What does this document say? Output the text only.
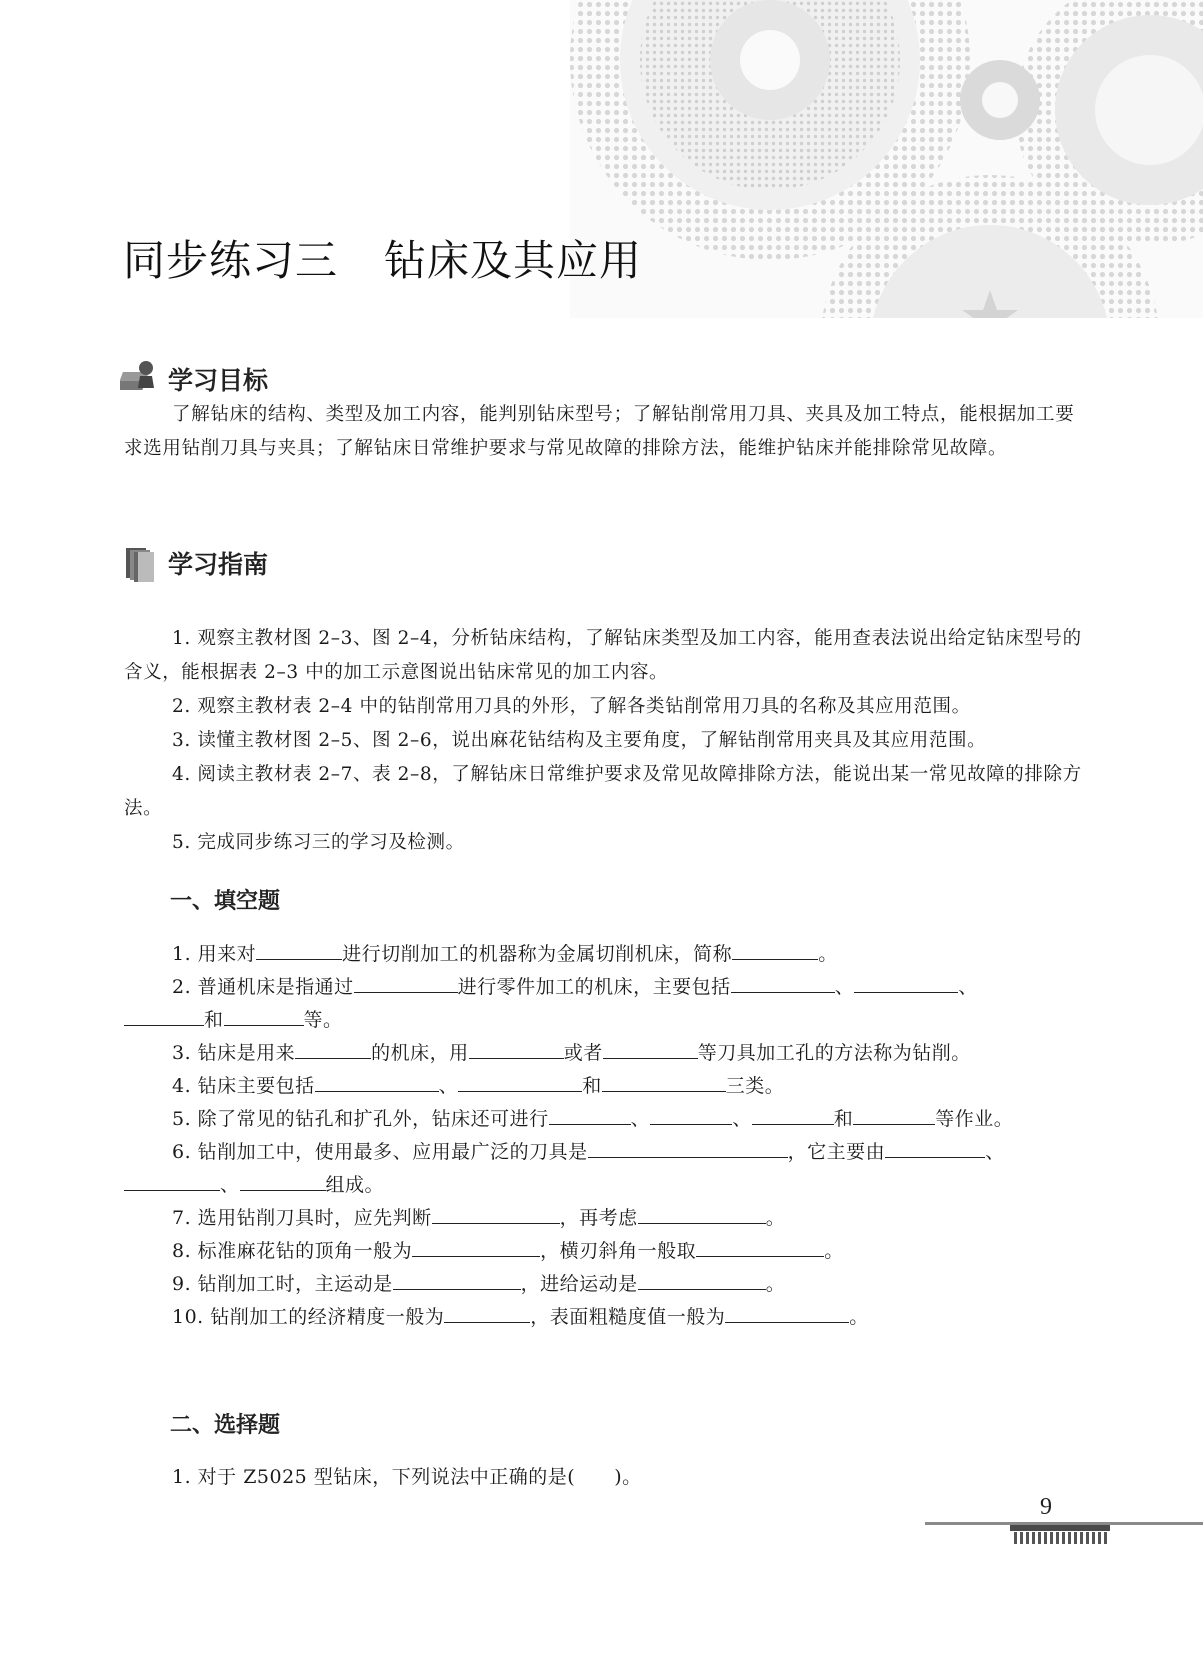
同步练习三 钻床及其应用
学习目标

了解钻床的结构、类型及加工内容，能判别钻床型号；了解钻削常用刀具、夹具及加工特点，能根据加工要求选用钻削刀具与夹具；了解钻床日常维护要求与常见故障的排除方法，能维护钻床并能排除常见故障。

学习指南
1. 观察主教材图 2–3、图 2–4，分析钻床结构，了解钻床类型及加工内容，能用查表法说出给定钻床型号的含义，能根据表 2–3 中的加工示意图说出钻床常见的加工内容。
2. 观察主教材表 2–4 中的钻削常用刀具的外形，了解各类钻削常用刀具的名称及其应用范围。
3. 读懂主教材图 2–5、图 2–6，说出麻花钻结构及主要角度，了解钻削常用夹具及其应用范围。
4. 阅读主教材表 2–7、表 2–8，了解钻床日常维护要求及常见故障排除方法，能说出某一常见故障的排除方法。
5. 完成同步练习三的学习及检测。
一、填空题
1. 用来对	进行切削加工的机器称为金属切削机床，简称	。
2. 普通机床是指通过	进行零件加工的机床，主要包括	、	、
和	等。
3. 钻床是用来	的机床，用	或者	等刀具加工孔的方法称为钻削。
4. 钻床主要包括	、	和	三类。
5. 除了常见的钻孔和扩孔外，钻床还可进行	、	、	和	等作业。
6. 钻削加工中，使用最多、应用最广泛的刀具是	，它主要由	、
、	组成。
7. 选用钻削刀具时，应先判断	，再考虑	。
8. 标准麻花钻的顶角一般为	，横刃斜角一般取	。
9. 钻削加工时，主运动是	，进给运动是	。
10. 钻削加工的经济精度一般为	，表面粗糙度值一般为	。
二、选择题

1. 对于 Z5025 型钻床，下列说法中正确的是(　　)。

9
